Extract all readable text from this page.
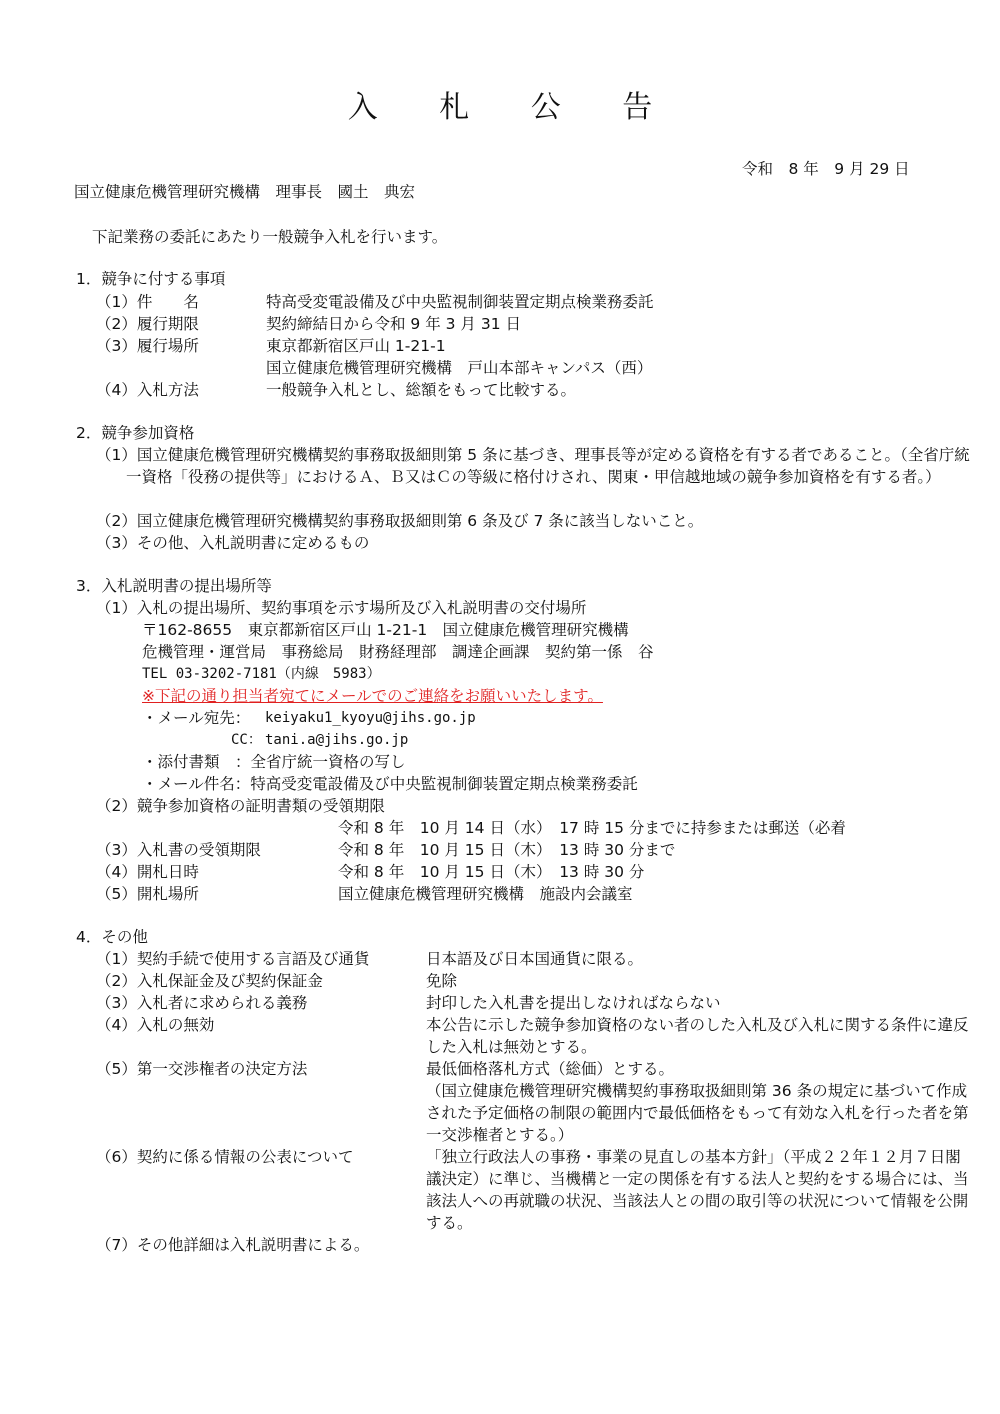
入 札 公 告
令和　8 年　9 月 29 日
国立健康危機管理研究機構　理事長　國土　典宏
下記業務の委託にあたり一般競争入札を行います。
1．競争に付する事項
（1）件　　名	特高受変電設備及び中央監視制御装置定期点検業務委託
（2）履行期限	契約締結日から令和 9 年 3 月 31 日
（3）履行場所	東京都新宿区戸山 1-21-1
国立健康危機管理研究機構　戸山本部キャンパス（西）
（4）入札方法	一般競争入札とし、総額をもって比較する。
2．競争参加資格
（1）国立健康危機管理研究機構契約事務取扱細則第 5 条に基づき、理事長等が定める資格を有する者であること。（全省庁統一資格「役務の提供等」におけるＡ、Ｂ又はＣの等級に格付けされ、関東・甲信越地域の競争参加資格を有する者。）
（2）国立健康危機管理研究機構契約事務取扱細則第 6 条及び 7 条に該当しないこと。
（3）その他、入札説明書に定めるもの
3．入札説明書の提出場所等
（1）入札の提出場所、契約事項を示す場所及び入札説明書の交付場所
〒162-8655　東京都新宿区戸山 1-21-1　国立健康危機管理研究機構
危機管理・運営局　事務総局　財務経理部　調達企画課　契約第一係　谷
TEL 03-3202-7181（内線　5983）
※下記の通り担当者宛てにメールでのご連絡をお願いいたします。
・メール宛先： keiyaku1_kyoyu@jihs.go.jp
CC： tani.a@jihs.go.jp
・添付書類　：全省庁統一資格の写し
・メール件名：特高受変電設備及び中央監視制御装置定期点検業務委託
（2）競争参加資格の証明書類の受領期限
令和 8 年　10 月 14 日（水）　17 時 15 分までに持参または郵送（必着
（3）入札書の受領期限	令和 8 年　10 月 15 日（木）　13 時 30 分まで
（4）開札日時	令和 8 年　10 月 15 日（木）　13 時 30 分
（5）開札場所	国立健康危機管理研究機構　施設内会議室
4．その他
（1）契約手続で使用する言語及び通貨	日本語及び日本国通貨に限る。
（2）入札保証金及び契約保証金	免除
（3）入札者に求められる義務	封印した入札書を提出しなければならない
（4）入札の無効	本公告に示した競争参加資格のない者のした入札及び入札に関する条件に違反した入札は無効とする。
（5）第一交渉権者の決定方法	最低価格落札方式（総価）とする。
（国立健康危機管理研究機構契約事務取扱細則第 36 条の規定に基づいて作成された予定価格の制限の範囲内で最低価格をもって有効な入札を行った者を第一交渉権者とする。）
（6）契約に係る情報の公表について	「独立行政法人の事務・事業の見直しの基本方針」（平成２２年１２月７日閣議決定）に準じ、当機構と一定の関係を有する法人と契約をする場合には、当該法人への再就職の状況、当該法人との間の取引等の状況について情報を公開する。
（7）その他詳細は入札説明書による。
